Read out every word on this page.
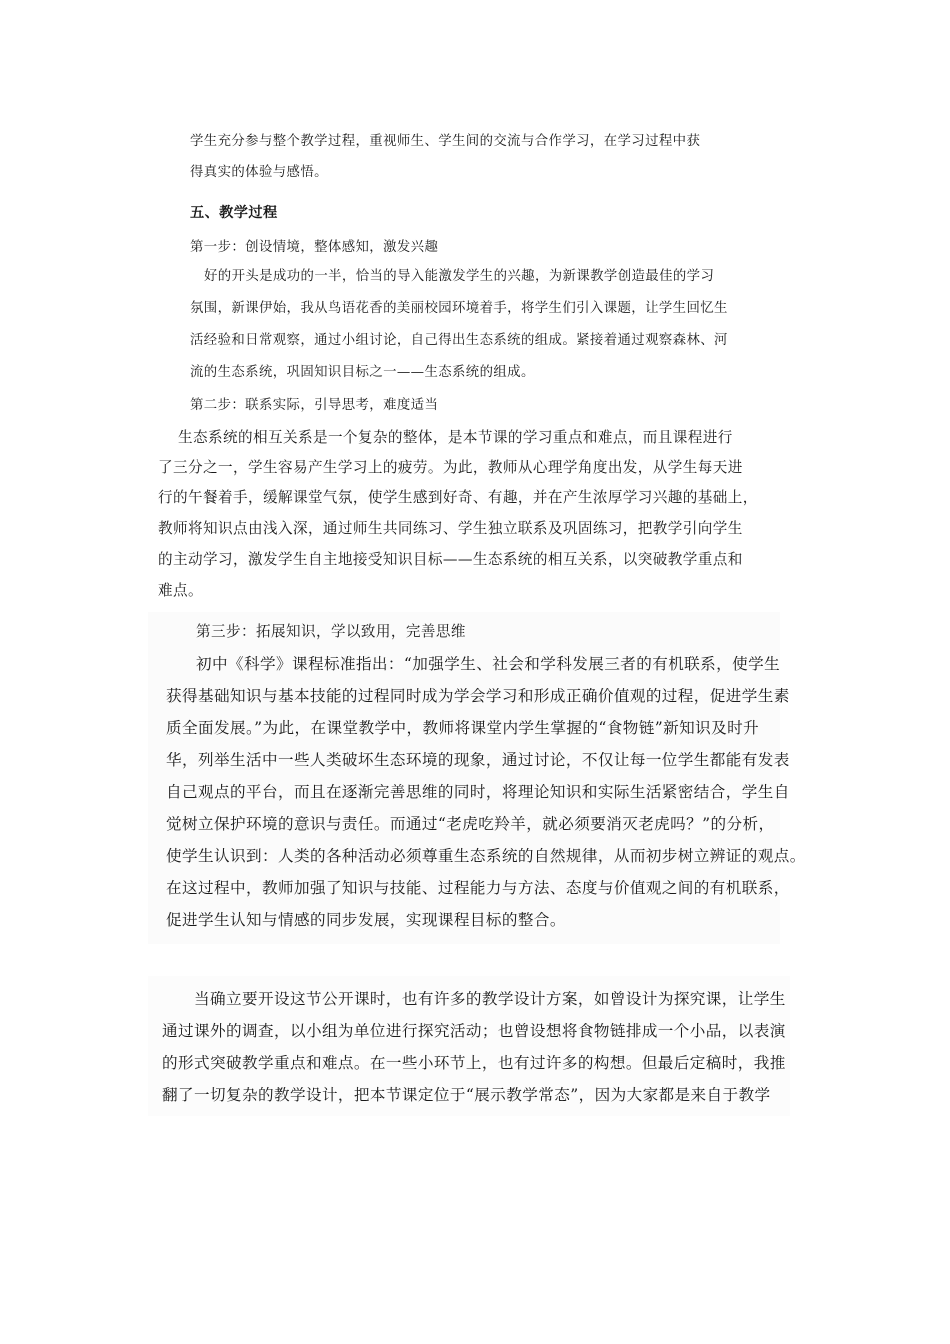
学生充分参与整个教学过程，重视师生、学生间的交流与合作学习，在学习过程中获
得真实的体验与感悟。
五、教学过程
第一步：创设情境，整体感知，激发兴趣
好的开头是成功的一半，恰当的导入能激发学生的兴趣，为新课教学创造最佳的学习
氛围，新课伊始，我从鸟语花香的美丽校园环境着手，将学生们引入课题，让学生回忆生
活经验和日常观察，通过小组讨论，自己得出生态系统的组成。紧接着通过观察森林、河
流的生态系统，巩固知识目标之一——生态系统的组成。
第二步：联系实际，引导思考，难度适当
生态系统的相互关系是一个复杂的整体，是本节课的学习重点和难点，而且课程进行
了三分之一，学生容易产生学习上的疲劳。为此，教师从心理学角度出发，从学生每天进
行的午餐着手，缓解课堂气氛，使学生感到好奇、有趣，并在产生浓厚学习兴趣的基础上，
教师将知识点由浅入深，通过师生共同练习、学生独立联系及巩固练习，把教学引向学生
的主动学习，激发学生自主地接受知识目标——生态系统的相互关系，以突破教学重点和
难点。
第三步：拓展知识，学以致用，完善思维
初中《科学》课程标准指出：“加强学生、社会和学科发展三者的有机联系，使学生
获得基础知识与基本技能的过程同时成为学会学习和形成正确价值观的过程，促进学生素
质全面发展。”为此，在课堂教学中，教师将课堂内学生掌握的“食物链”新知识及时升
华，列举生活中一些人类破坏生态环境的现象，通过讨论，不仅让每一位学生都能有发表
自己观点的平台，而且在逐渐完善思维的同时，将理论知识和实际生活紧密结合，学生自
觉树立保护环境的意识与责任。而通过“老虎吃羚羊，就必须要消灭老虎吗？”的分析，
使学生认识到：人类的各种活动必须尊重生态系统的自然规律，从而初步树立辨证的观点。
在这过程中，教师加强了知识与技能、过程能力与方法、态度与价值观之间的有机联系，
促进学生认知与情感的同步发展，实现课程目标的整合。
当确立要开设这节公开课时，也有许多的教学设计方案，如曾设计为探究课，让学生
通过课外的调查，以小组为单位进行探究活动；也曾设想将食物链排成一个小品，以表演
的形式突破教学重点和难点。在一些小环节上，也有过许多的构想。但最后定稿时，我推
翻了一切复杂的教学设计，把本节课定位于“展示教学常态”，因为大家都是来自于教学
